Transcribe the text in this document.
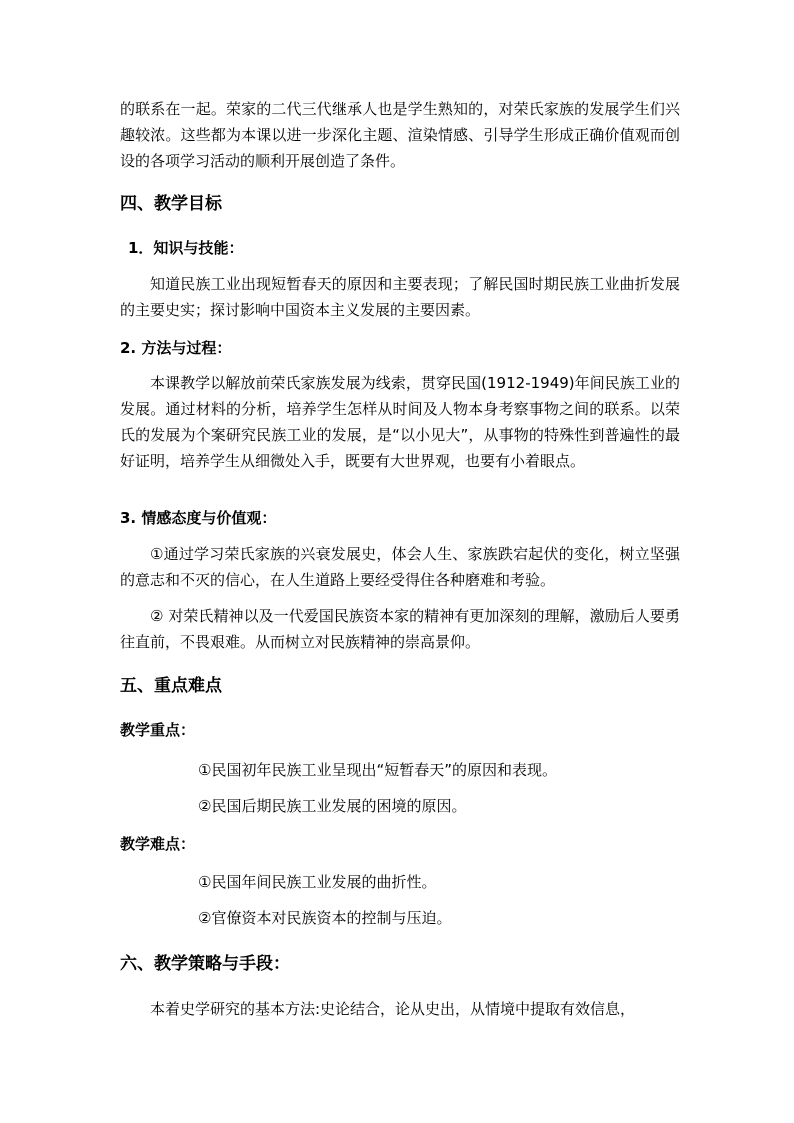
的联系在一起。荣家的二代三代继承人也是学生熟知的，对荣氏家族的发展学生们兴趣较浓。这些都为本课以进一步深化主题、渲染情感、引导学生形成正确价值观而创设的各项学习活动的顺利开展创造了条件。

四、教学目标
1．知识与技能：

知道民族工业出现短暂春天的原因和主要表现；了解民国时期民族工业曲折发展的主要史实；探讨影响中国资本主义发展的主要因素。

2. 方法与过程：

本课教学以解放前荣氏家族发展为线索，贯穿民国(1912-1949)年间民族工业的发展。通过材料的分析，培养学生怎样从时间及人物本身考察事物之间的联系。以荣氏的发展为个案研究民族工业的发展，是“以小见大”，从事物的特殊性到普遍性的最好证明，培养学生从细微处入手，既要有大世界观，也要有小着眼点。

3. 情感态度与价值观：

①通过学习荣氏家族的兴衰发展史，体会人生、家族跌宕起伏的变化，树立坚强的意志和不灭的信心，在人生道路上要经受得住各种磨难和考验。

② 对荣氏精神以及一代爱国民族资本家的精神有更加深刻的理解，激励后人要勇往直前，不畏艰难。从而树立对民族精神的崇高景仰。

五、重点难点
教学重点：

①民国初年民族工业呈现出“短暂春天”的原因和表现。

②民国后期民族工业发展的困境的原因。

教学难点：

①民国年间民族工业发展的曲折性。

②官僚资本对民族资本的控制与压迫。

六、教学策略与手段：

本着史学研究的基本方法:史论结合，论从史出，从情境中提取有效信息，
